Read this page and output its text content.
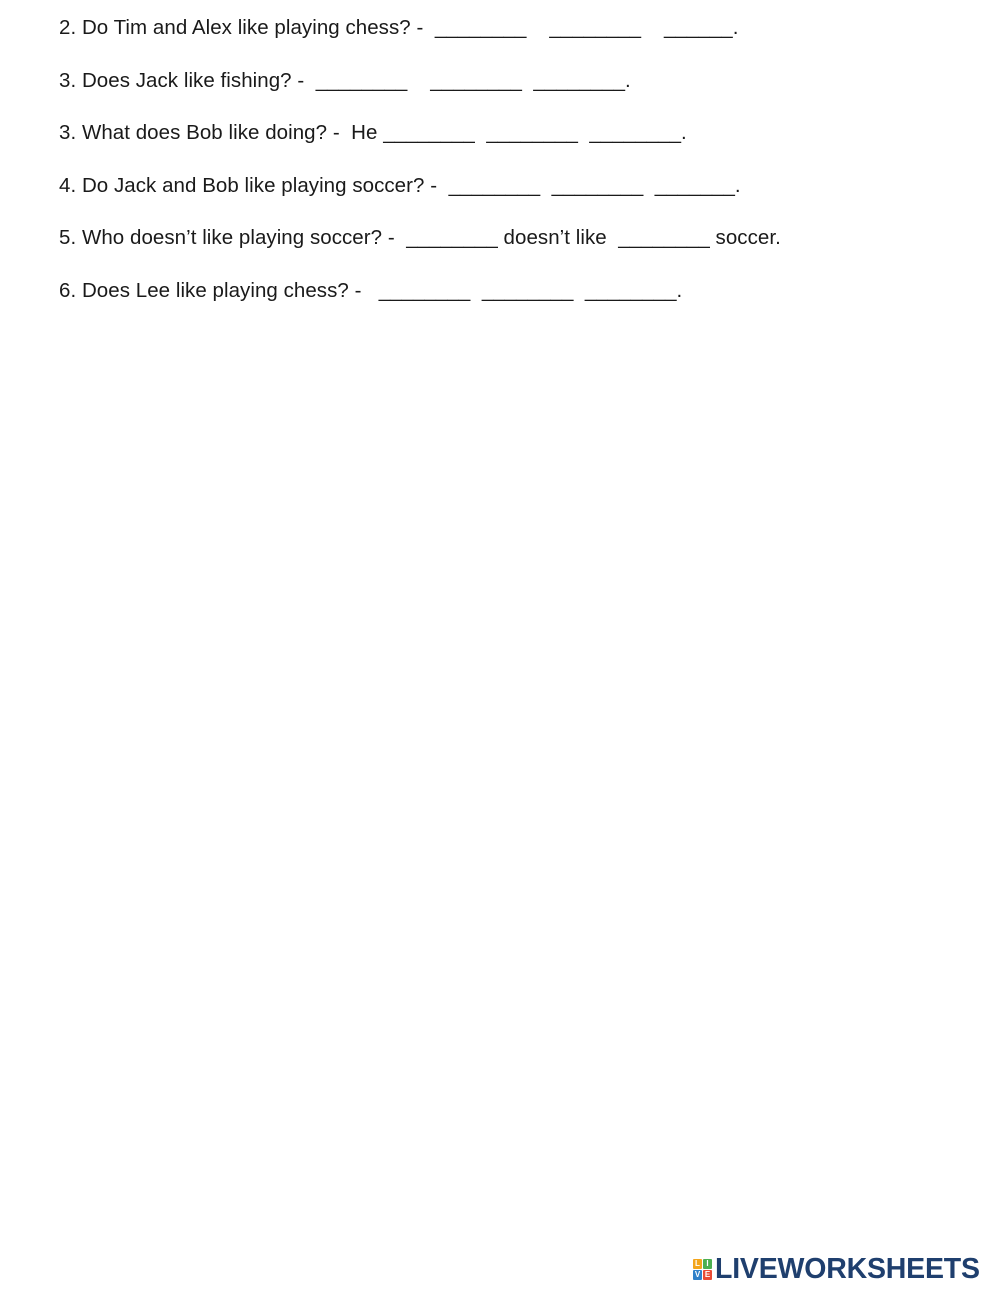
2. Do Tim and Alex like playing chess? -  ________    ________    ______.
3. Does Jack like fishing? -  ________    ________  ________.
3. What does Bob like doing? -  He ________  ________  ________.
4. Do Jack and Bob like playing soccer? -  ________  ________  _______.
5. Who doesn’t like playing soccer? -  ________ doesn’t like  ________ soccer.
6. Does Lee like playing chess? -   ________  ________  ________.
L I
V E LIVEWORKSHEETS
